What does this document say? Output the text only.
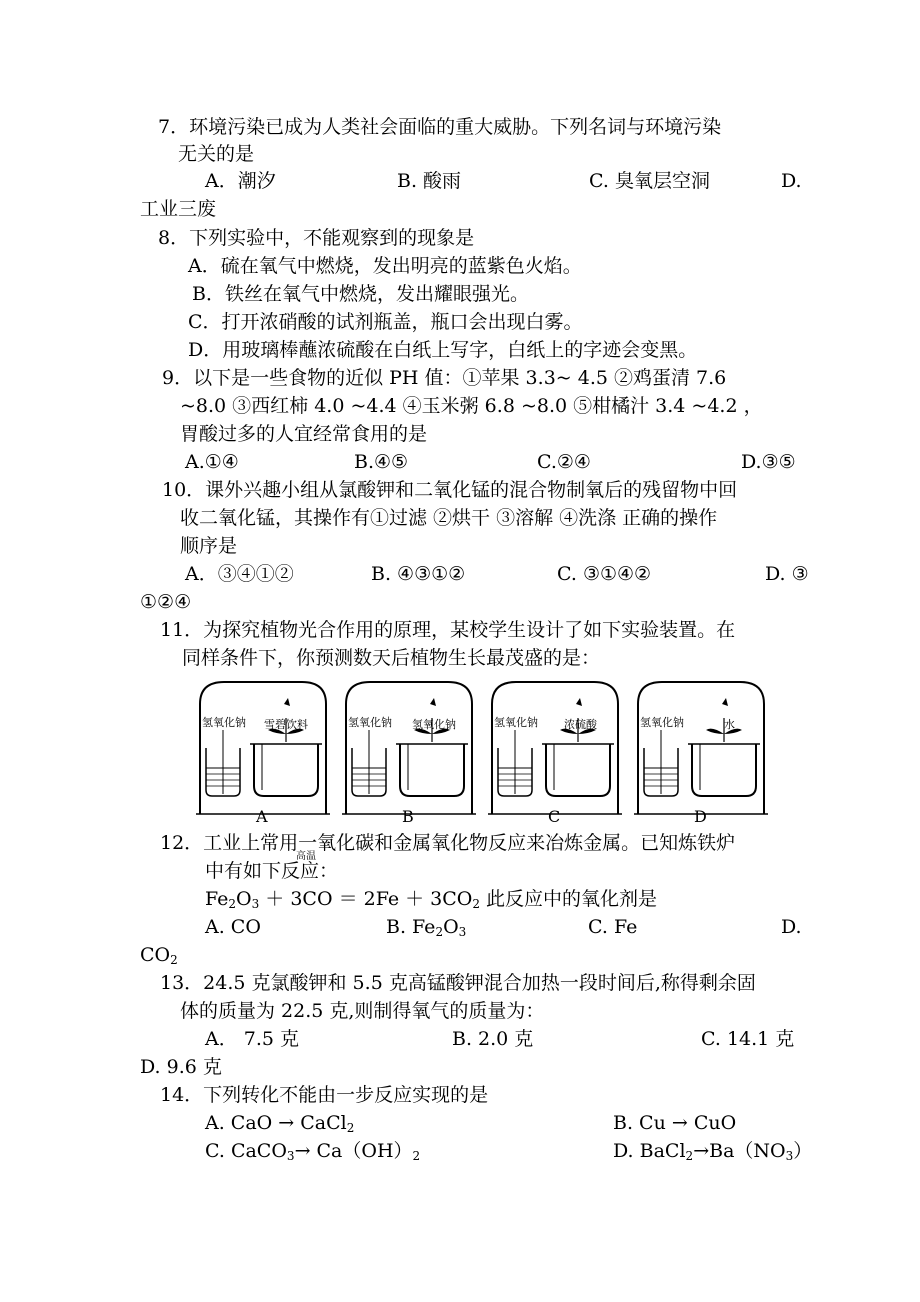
7．环境污染已成为人类社会面临的重大威胁。下列名词与环境污染
无关的是
A．潮汐	B. 酸雨	C. 臭氧层空洞	D.
工业三废
8．下列实验中，不能观察到的现象是
A．硫在氧气中燃烧，发出明亮的蓝紫色火焰。
B．铁丝在氧气中燃烧，发出耀眼强光。
C．打开浓硝酸的试剂瓶盖，瓶口会出现白雾。
D．用玻璃棒蘸浓硫酸在白纸上写字，白纸上的字迹会变黑。
9．以下是一些食物的近似 PH 值：①苹果 3.3~ 4.5 ②鸡蛋清 7.6
~8.0 ③西红柿 4.0 ~4.4 ④玉米粥 6.8 ~8.0 ⑤柑橘汁 3.4 ~4.2 ，
胃酸过多的人宜经常食用的是
A.①④	B.④⑤	C.②④	D.③⑤
10．课外兴趣小组从氯酸钾和二氧化锰的混合物制氧后的残留物中回
收二氧化锰，其操作有①过滤 ②烘干 ③溶解 ④洗涤 正确的操作
顺序是
A．③④①②	B. ④③①②	C. ③①④②	D. ③
①②④
11．为探究植物光合作用的原理，某校学生设计了如下实验装置。在
同样条件下，你预测数天后植物生长最茂盛的是：
氢氧化钠 雪碧饮料
A
氢氧化钠 氢氧化钠
B
氢氧化钠 浓硫酸
C
氢氧化钠	水
D
12．工业上常用一氧化碳和金属氧化物反应来冶炼金属。已知炼铁炉
中有如下反应：
高温
$Fe_2O_3 + 3CO = 2Fe + 3CO_2$ 此反应中的氧化剂是
A. CO	B. $Fe_2O_3$	C. Fe	D.
$CO_2$
13．24.5 克氯酸钾和 5.5 克高锰酸钾混合加热一段时间后,称得剩余固
体的质量为 22.5 克,则制得氧气的质量为：
A． 7.5 克	B. 2.0 克	C. 14.1 克
D. 9.6 克
14．下列转化不能由一步反应实现的是
A. CaO → CaCl$_2$	B. Cu → CuO
C. CaCO$_3$→ $Ca(OH)_2$	D. $BaCl_2\to Ba(NO_3)$
